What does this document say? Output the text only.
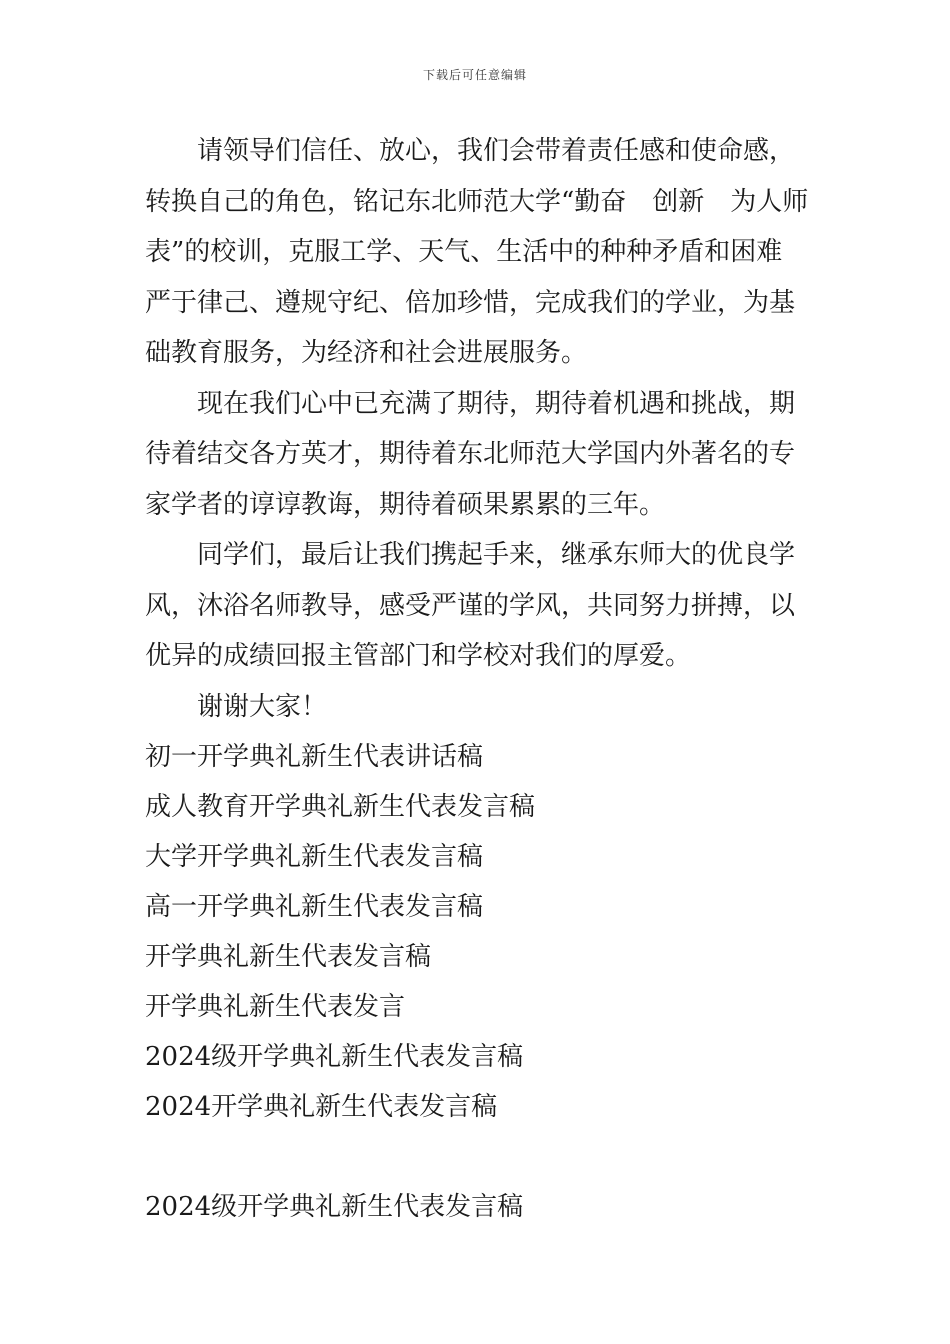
下载后可任意编辑
请领导们信任、放心，我们会带着责任感和使命感，
转换自己的角色，铭记东北师范大学“勤奋　创新　为人师
表”的校训，克服工学、天气、生活中的种种矛盾和困难
严于律己、遵规守纪、倍加珍惜，完成我们的学业，为基
础教育服务，为经济和社会进展服务。
现在我们心中已充满了期待，期待着机遇和挑战，期
待着结交各方英才，期待着东北师范大学国内外著名的专
家学者的谆谆教诲，期待着硕果累累的三年。
同学们，最后让我们携起手来，继承东师大的优良学
风，沐浴名师教导，感受严谨的学风，共同努力拼搏，以
优异的成绩回报主管部门和学校对我们的厚爱。
谢谢大家！
初一开学典礼新生代表讲话稿
成人教育开学典礼新生代表发言稿
大学开学典礼新生代表发言稿
高一开学典礼新生代表发言稿
开学典礼新生代表发言稿
开学典礼新生代表发言
2024级开学典礼新生代表发言稿
2024开学典礼新生代表发言稿
2024级开学典礼新生代表发言稿
